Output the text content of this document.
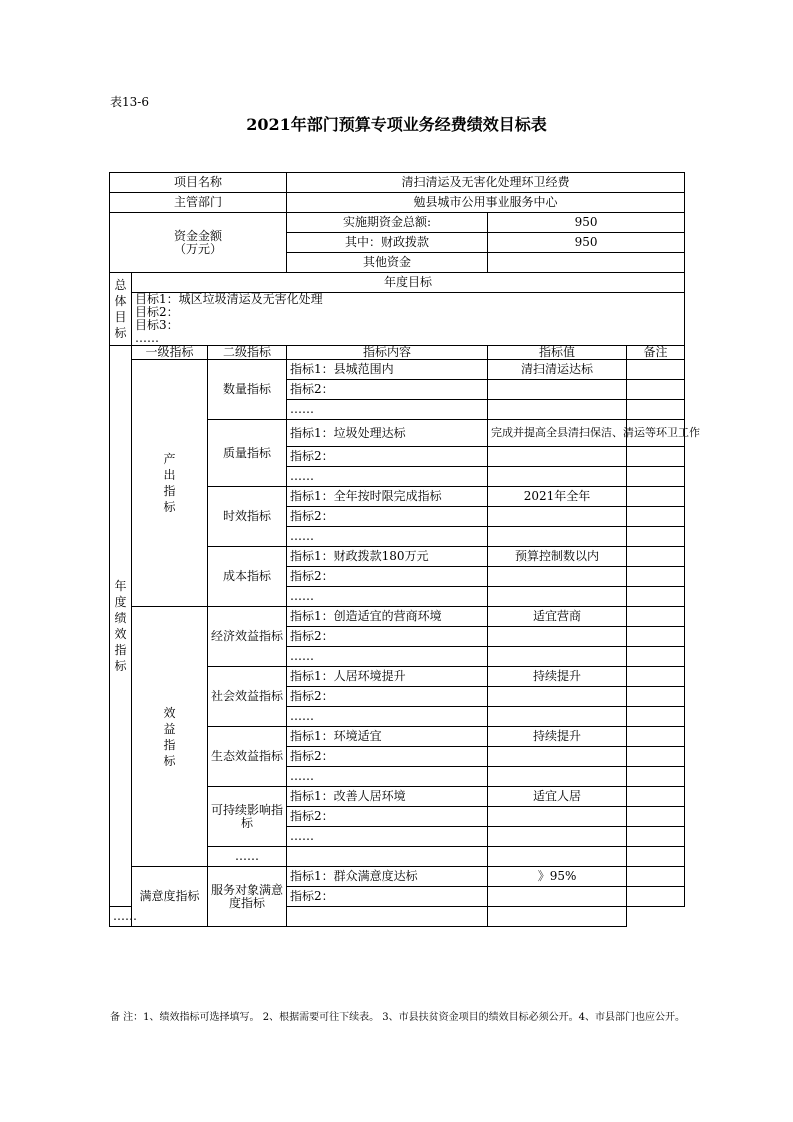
表13-6
2021年部门预算专项业务经费绩效目标表
项目名称			清扫清运及无害化处理环卫经费		
主管部门			勉县城市公用事业服务中心		

资金金额
（万元）			实施期资金总额:	950	
			其中：财政拨款	950	
			其他资金		

总体目标	年度目标				

	目标1：城区垃圾清运及无害化处理
目标2：
目标3：
……				

年度绩效指标	一级指标	二级指标	指标内容	指标值	备注

	产出指标	数量指标	指标1：县城范围内	清扫清运达标	
			指标2：		
			……		
		质量指标	指标1：垃圾处理达标	完成并提高全县清扫保洁、清运等环卫工作	
			指标2：		
			……		
		时效指标	指标1：全年按时限完成指标	2021年全年	
			指标2：		
			……		
		成本指标	指标1：财政拨款180万元	预算控制数以内	
			指标2：		
			……		

	效益指标	经济效益指标	指标1：创造适宜的营商环境	适宜营商	
			指标2：		
			……		
		社会效益指标	指标1：人居环境提升	持续提升	
			指标2：		
			……		
		生态效益指标	指标1：环境适宜	持续提升	
			指标2：		
			……		
		可持续影响指标	指标1：改善人居环境	适宜人居	
			指标2：		
			……		
		……			
	满意度指标	服务对象满意度指标	指标1：群众满意度达标	》95%	
			指标2：		
……					
备 注：1、绩效指标可选择填写。 2、根据需要可往下续表。 3、市县扶贫资金项目的绩效目标必须公开。4、市县部门也应公开。
